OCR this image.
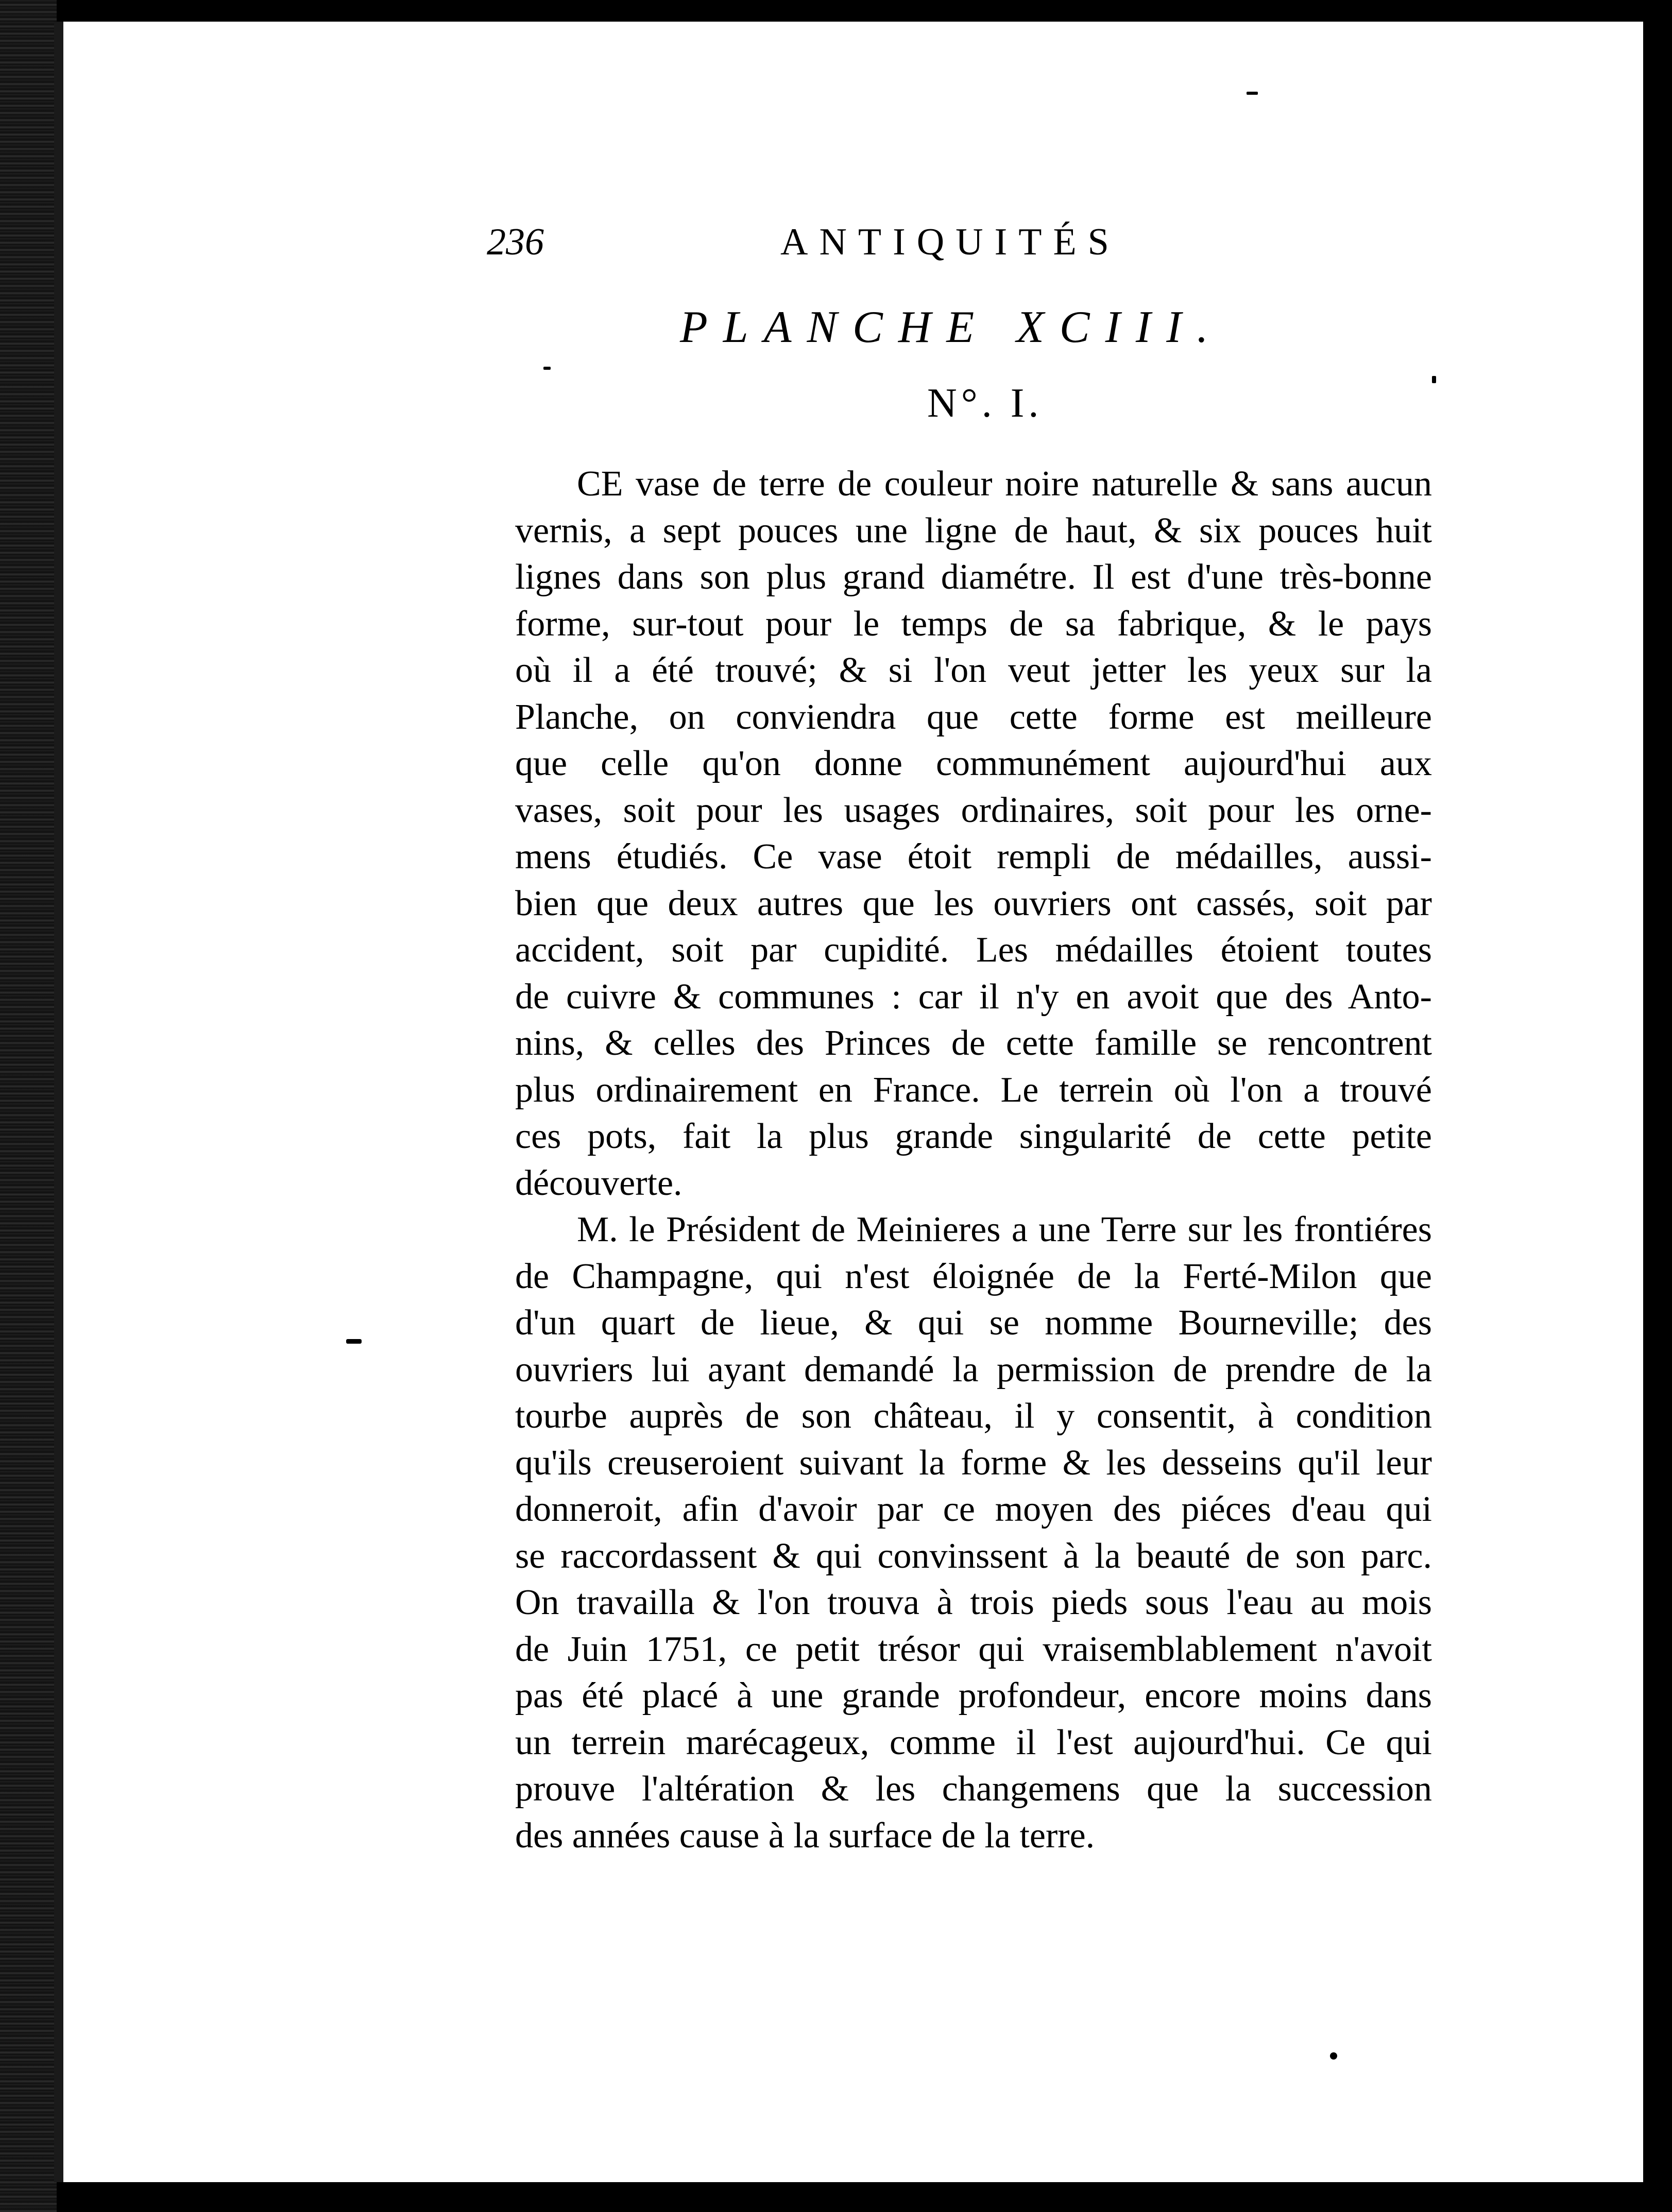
236	ANTIQUITÉS
PLANCHE XCIII.
N°. I.
CE vase de terre de couleur noire naturelle & sans aucun
vernis, a sept pouces une ligne de haut, & six pouces huit
lignes dans son plus grand diamétre. Il est d'une très-bonne
forme, sur-tout pour le temps de sa fabrique, & le pays
où il a été trouvé; & si l'on veut jetter les yeux sur la
Planche, on conviendra que cette forme est meilleure
que celle qu'on donne communément aujourd'hui aux
vases, soit pour les usages ordinaires, soit pour les orne-
mens étudiés. Ce vase étoit rempli de médailles, aussi-
bien que deux autres que les ouvriers ont cassés, soit par
accident, soit par cupidité. Les médailles étoient toutes
de cuivre & communes : car il n'y en avoit que des Anto-
nins, & celles des Princes de cette famille se rencontrent
plus ordinairement en France. Le terrein où l'on a trouvé
ces pots, fait la plus grande singularité de cette petite
découverte.
M. le Président de Meinieres a une Terre sur les frontiéres
de Champagne, qui n'est éloignée de la Ferté-Milon que
d'un quart de lieue, & qui se nomme Bourneville; des
ouvriers lui ayant demandé la permission de prendre de la
tourbe auprès de son château, il y consentit, à condition
qu'ils creuseroient suivant la forme & les desseins qu'il leur
donneroit, afin d'avoir par ce moyen des piéces d'eau qui
se raccordassent & qui convinssent à la beauté de son parc.
On travailla & l'on trouva à trois pieds sous l'eau au mois
de Juin 1751, ce petit trésor qui vraisemblablement n'avoit
pas été placé à une grande profondeur, encore moins dans
un terrein marécageux, comme il l'est aujourd'hui. Ce qui
prouve l'altération & les changemens que la succession
des années cause à la surface de la terre.
